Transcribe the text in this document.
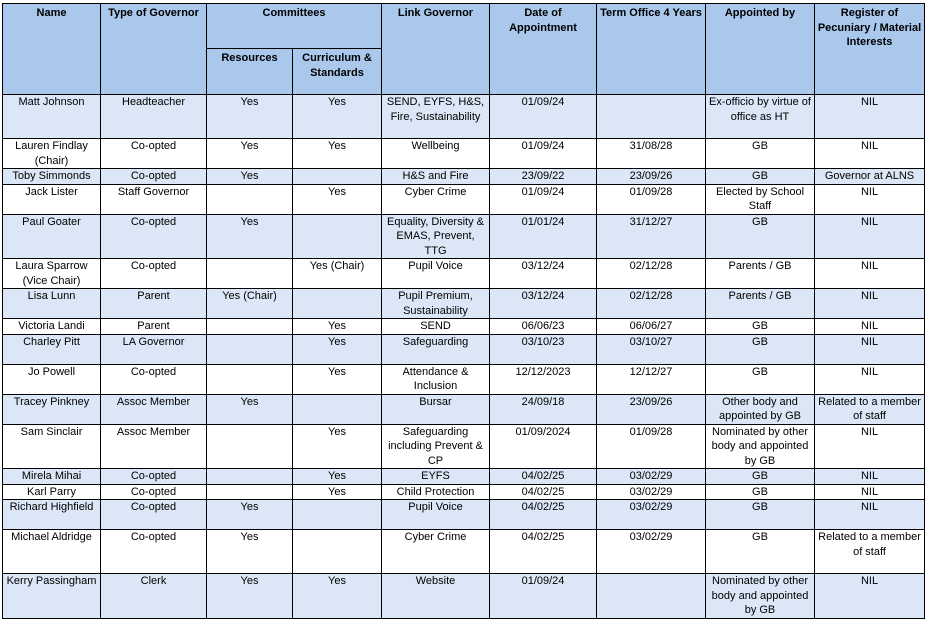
Name	Type of Governor	Committees		Link Governor	Date of Appointment	Term Office 4 Years	Appointed by	Register of Pecuniary / Material Interests
		Resources	Curriculum & Standards					
Matt Johnson	Headteacher	Yes	Yes	SEND, EYFS, H&S, Fire, Sustainability	01/09/24		Ex-officio by virtue of office as HT	NIL
Lauren Findlay (Chair)	Co-opted	Yes	Yes	Wellbeing	01/09/24	31/08/28	GB	NIL
Toby Simmonds	Co-opted	Yes		H&S and Fire	23/09/22	23/09/26	GB	Governor at ALNS
Jack Lister	Staff Governor		Yes	Cyber Crime	01/09/24	01/09/28	Elected by School Staff	NIL
Paul Goater	Co-opted	Yes		Equality, Diversity & EMAS, Prevent, TTG	01/01/24	31/12/27	GB	NIL
Laura Sparrow (Vice Chair)	Co-opted		Yes (Chair)	Pupil Voice	03/12/24	02/12/28	Parents / GB	NIL
Lisa Lunn	Parent	Yes (Chair)		Pupil Premium, Sustainability	03/12/24	02/12/28	Parents / GB	NIL
Victoria Landi	Parent		Yes	SEND	06/06/23	06/06/27	GB	NIL
Charley Pitt	LA Governor		Yes	Safeguarding	03/10/23	03/10/27	GB	NIL
Jo Powell	Co-opted		Yes	Attendance & Inclusion	12/12/2023	12/12/27	GB	NIL
Tracey Pinkney	Assoc Member	Yes		Bursar	24/09/18	23/09/26	Other body and appointed by GB	Related to a member of staff
Sam Sinclair	Assoc Member		Yes	Safeguarding including Prevent & CP	01/09/2024	01/09/28	Nominated by other body and appointed by GB	NIL
Mirela Mihai	Co-opted		Yes	EYFS	04/02/25	03/02/29	GB	NIL
Karl Parry	Co-opted		Yes	Child Protection	04/02/25	03/02/29	GB	NIL
Richard Highfield	Co-opted	Yes		Pupil Voice	04/02/25	03/02/29	GB	NIL
Michael Aldridge	Co-opted	Yes		Cyber Crime	04/02/25	03/02/29	GB	Related to a member of staff
Kerry Passingham	Clerk	Yes	Yes	Website	01/09/24		Nominated by other body and appointed by GB	NIL
